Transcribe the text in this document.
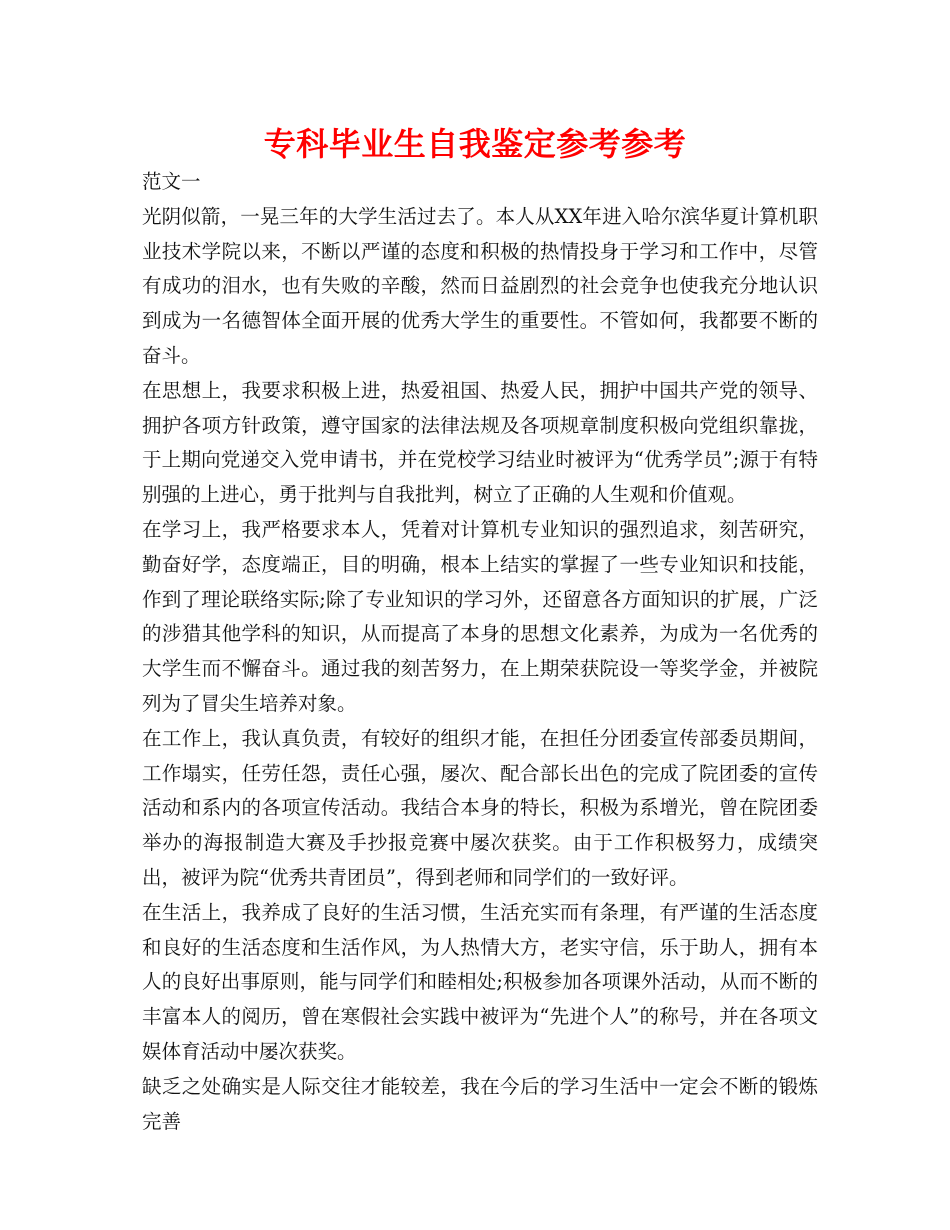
专科毕业生自我鉴定参考参考

范文一

光阴似箭，一晃三年的大学生活过去了。本人从XX年进入哈尔滨华夏计算机职业技术学院以来，不断以严谨的态度和积极的热情投身于学习和工作中，尽管有成功的泪水，也有失败的辛酸，然而日益剧烈的社会竞争也使我充分地认识到成为一名德智体全面开展的优秀大学生的重要性。不管如何，我都要不断的奋斗。

在思想上，我要求积极上进，热爱祖国、热爱人民，拥护中国共产党的领导、拥护各项方针政策，遵守国家的法律法规及各项规章制度积极向党组织靠拢，于上期向党递交入党申请书，并在党校学习结业时被评为“优秀学员”;源于有特别强的上进心，勇于批判与自我批判，树立了正确的人生观和价值观。

在学习上，我严格要求本人，凭着对计算机专业知识的强烈追求，刻苦研究，勤奋好学，态度端正，目的明确，根本上结实的掌握了一些专业知识和技能，作到了理论联络实际;除了专业知识的学习外，还留意各方面知识的扩展，广泛的涉猎其他学科的知识，从而提高了本身的思想文化素养，为成为一名优秀的大学生而不懈奋斗。通过我的刻苦努力，在上期荣获院设一等奖学金，并被院列为了冒尖生培养对象。

在工作上，我认真负责，有较好的组织才能，在担任分团委宣传部委员期间，工作塌实，任劳任怨，责任心强，屡次、配合部长出色的完成了院团委的宣传活动和系内的各项宣传活动。我结合本身的特长，积极为系增光，曾在院团委举办的海报制造大赛及手抄报竞赛中屡次获奖。由于工作积极努力，成绩突出，被评为院“优秀共青团员”，得到老师和同学们的一致好评。

在生活上，我养成了良好的生活习惯，生活充实而有条理，有严谨的生活态度和良好的生活态度和生活作风，为人热情大方，老实守信，乐于助人，拥有本人的良好出事原则，能与同学们和睦相处;积极参加各项课外活动，从而不断的丰富本人的阅历，曾在寒假社会实践中被评为“先进个人”的称号，并在各项文娱体育活动中屡次获奖。

缺乏之处确实是人际交往才能较差，我在今后的学习生活中一定会不断的锻炼完善
